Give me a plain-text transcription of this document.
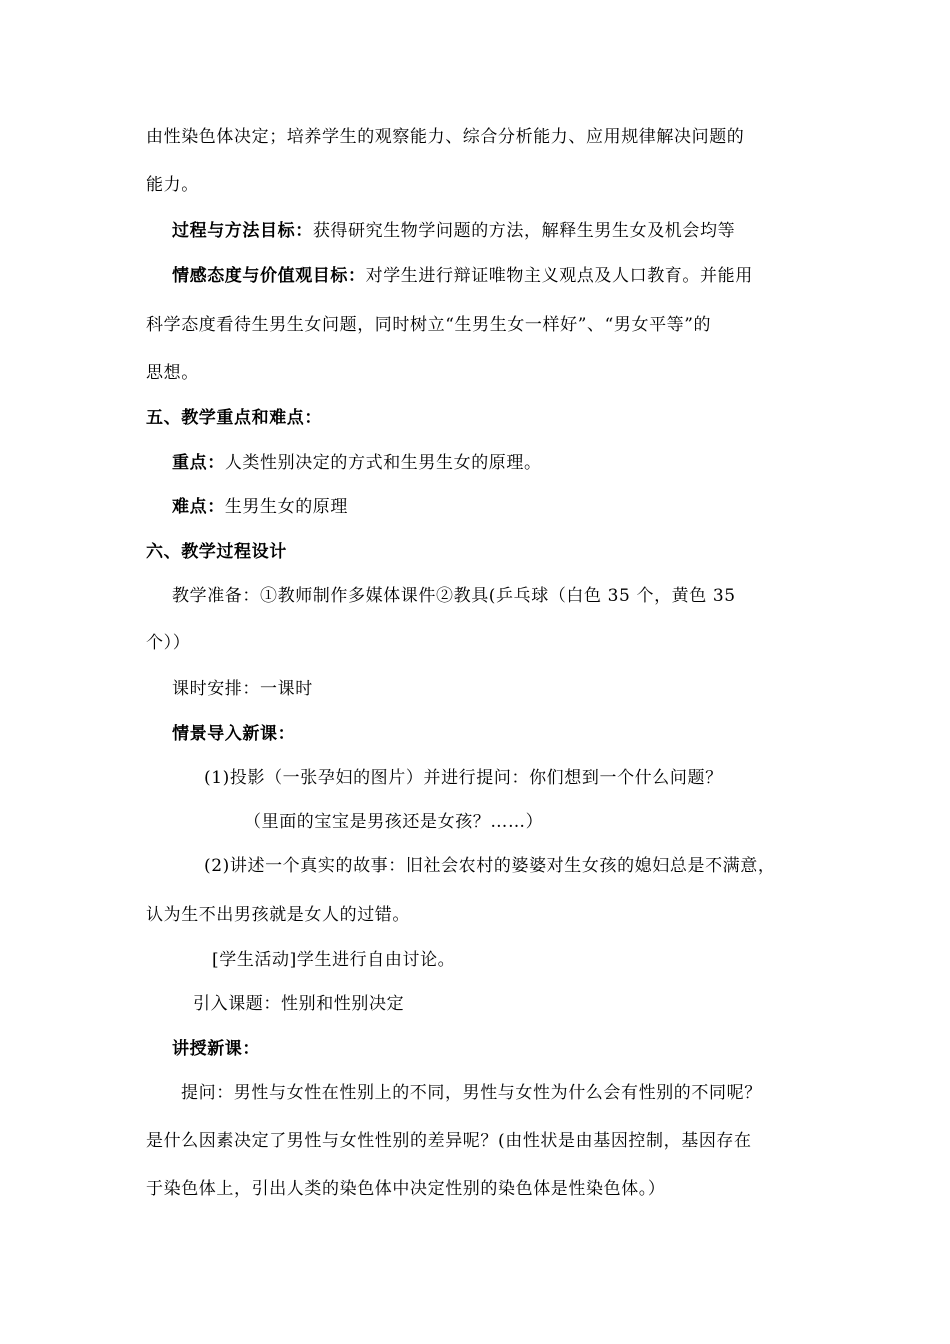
由性染色体决定；培养学生的观察能力、综合分析能力、应用规律解决问题的
能力。
过程与方法目标：获得研究生物学问题的方法，解释生男生女及机会均等
情感态度与价值观目标：对学生进行辩证唯物主义观点及人口教育。并能用
科学态度看待生男生女问题，同时树立“生男生女一样好”、“男女平等”的
思想。
五、教学重点和难点：
重点：人类性别决定的方式和生男生女的原理。
难点：生男生女的原理
六、教学过程设计
教学准备：①教师制作多媒体课件②教具(乒乓球（白色 35 个，黄色 35
个））
课时安排：一课时
情景导入新课：
(1)投影（一张孕妇的图片）并进行提问：你们想到一个什么问题？
（里面的宝宝是男孩还是女孩？……）
(2)讲述一个真实的故事：旧社会农村的婆婆对生女孩的媳妇总是不满意，
认为生不出男孩就是女人的过错。
[学生活动]学生进行自由讨论。
引入课题：性别和性别决定
讲授新课：
提问：男性与女性在性别上的不同，男性与女性为什么会有性别的不同呢？
是什么因素决定了男性与女性性别的差异呢？(由性状是由基因控制，基因存在
于染色体上，引出人类的染色体中决定性别的染色体是性染色体。）
